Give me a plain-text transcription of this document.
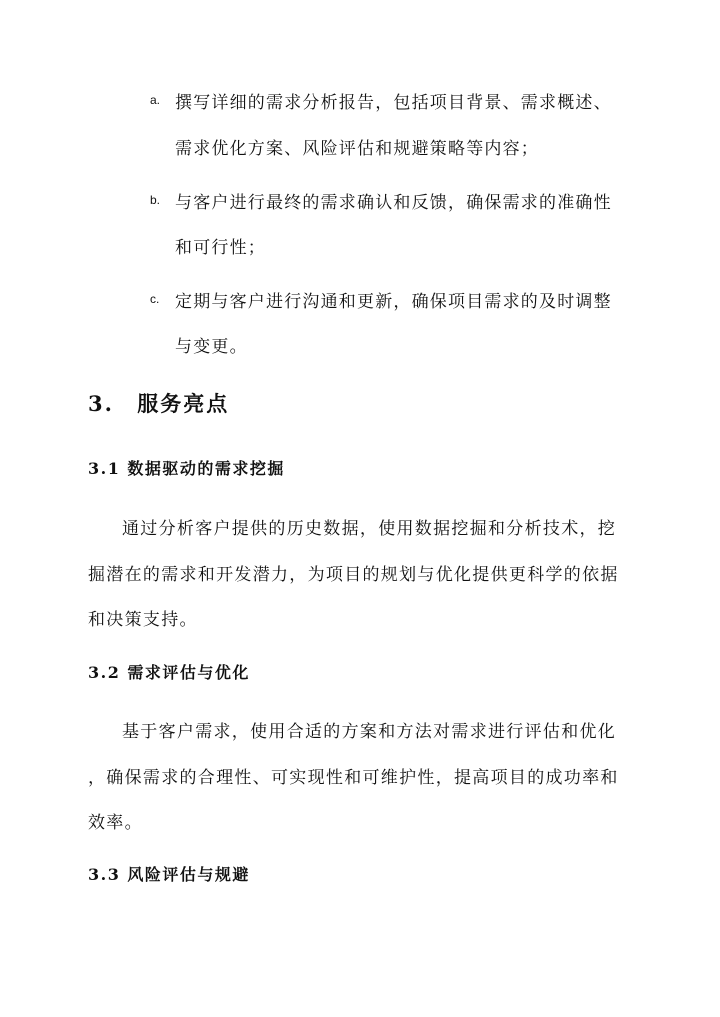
a. 撰写详细的需求分析报告，包括项目背景、需求概述、
需求优化方案、风险评估和规避策略等内容；
b. 与客户进行最终的需求确认和反馈，确保需求的准确性
和可行性；
c. 定期与客户进行沟通和更新，确保项目需求的及时调整
与变更。
3. 服务亮点
3.1 数据驱动的需求挖掘
通过分析客户提供的历史数据，使用数据挖掘和分析技术，挖
掘潜在的需求和开发潜力，为项目的规划与优化提供更科学的依据
和决策支持。
3.2 需求评估与优化
基于客户需求，使用合适的方案和方法对需求进行评估和优化
，确保需求的合理性、可实现性和可维护性，提高项目的成功率和
效率。
3.3 风险评估与规避
